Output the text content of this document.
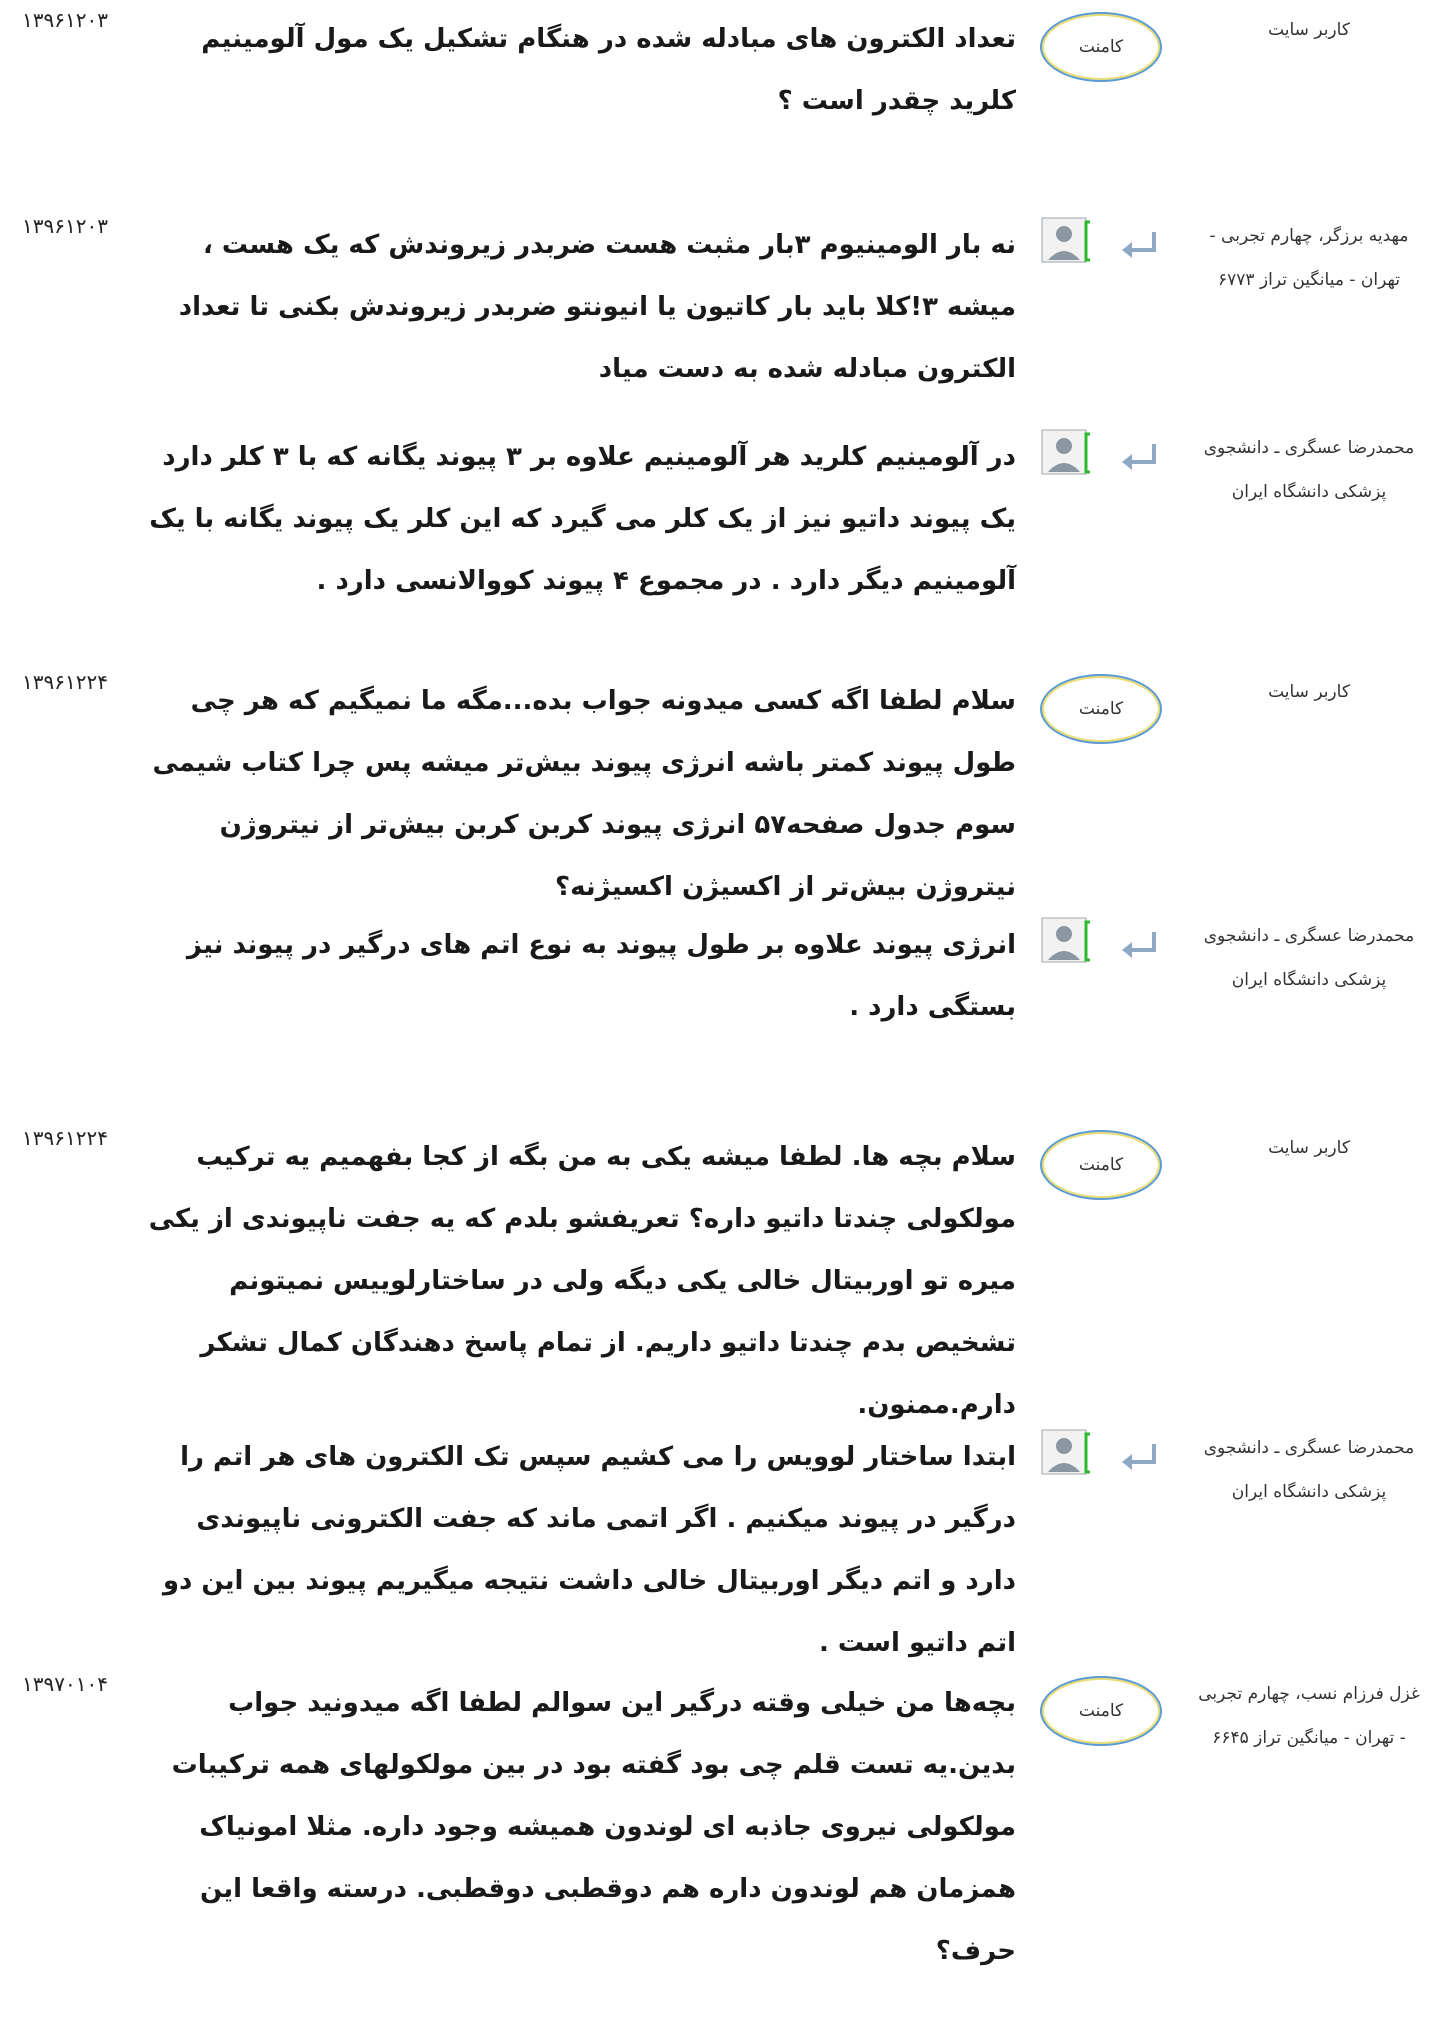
۱۳۹۶۱۲۰۳
تعداد الکترون های مبادله شده در هنگام تشکیل یک مول آلومینیم کلرید چقدر است ؟
کامنت
کاربر سایت
۱۳۹۶۱۲۰۳
نه بار الومینیوم ۳بار مثبت هست ضربدر زیروندش که یک هست ، میشه ۳!کلا باید بار کاتیون یا انیونتو ضربدر زیروندش بکنی تا تعداد الکترون مبادله شده به دست میاد
مهدیه برزگر، چهارم تجربی - تهران - میانگین تراز ۶۷۷۳
در آلومینیم کلرید هر آلومینیم علاوه بر ۳ پیوند یگانه که با ۳ کلر دارد یک پیوند داتیو نیز از یک کلر می گیرد که این کلر یک پیوند یگانه با یک آلومینیم دیگر دارد . در مجموع ۴ پیوند کووالانسی دارد .
محمدرضا عسگری ـ دانشجوی پزشکی دانشگاه ایران
۱۳۹۶۱۲۲۴
سلام لطفا اگه کسی میدونه جواب بده...مگه ما نمیگیم که هر چی طول پیوند کمتر باشه انرژی پیوند بیش‌تر میشه پس چرا کتاب شیمی سوم جدول صفحه۵۷ انرژی پیوند کربن کربن بیش‌تر از نیتروژن نیتروژن بیش‌تر از اکسیژن اکسیژنه؟
کامنت
کاربر سایت
انرژی پیوند علاوه بر طول پیوند به نوع اتم های درگیر در پیوند نیز بستگی دارد .
محمدرضا عسگری ـ دانشجوی پزشکی دانشگاه ایران
۱۳۹۶۱۲۲۴
سلام بچه ها. لطفا میشه یکی به من بگه از کجا بفهمیم یه ترکیب مولکولی چندتا داتیو داره؟ تعریفشو بلدم که یه جفت ناپیوندی از یکی میره تو اوربیتال خالی یکی دیگه ولی در ساختارلوییس نمیتونم تشخیص بدم چندتا داتیو داریم. از تمام پاسخ دهندگان کمال تشکر دارم.ممنون.
کامنت
کاربر سایت
ابتدا ساختار لوویس را می کشیم سپس تک الکترون های هر اتم را درگیر در پیوند میکنیم . اگر اتمی ماند که جفت الکترونی ناپیوندی دارد و اتم دیگر اوربیتال خالی داشت نتیجه میگیریم پیوند بین این دو اتم داتیو است .
محمدرضا عسگری ـ دانشجوی پزشکی دانشگاه ایران
۱۳۹۷۰۱۰۴
بچه‌ها من خیلی وقته درگیر این سوالم لطفا اگه میدونید جواب بدین.یه تست قلم چی بود گفته بود در بین مولکولهای همه ترکیبات مولکولی نیروی جاذبه ای لوندون همیشه وجود داره. مثلا امونیاک همزمان هم لوندون داره هم دوقطبی دوقطبی. درسته واقعا این حرف؟
کامنت
غزل فرزام نسب، چهارم تجربی - تهران - میانگین تراز ۶۶۴۵
